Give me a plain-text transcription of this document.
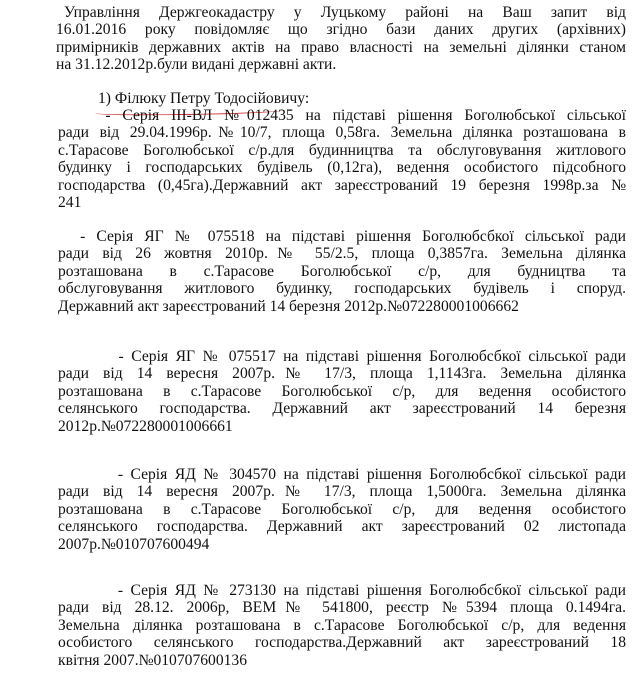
Управління Держгеокадастру у Луцькому районі на Ваш запит від
16.01.2016 року повідомляє що згідно бази даних других (архівних)
примірників державних актів на право власності на земельні ділянки станом
на 31.12.2012р.були видані державні акти.

1) Філюку Петру Тодосійовичу:

- Серія ІІІ-ВЛ №012435 на підставі рішення Боголюбської сільської
ради від 29.04.1996р.№10/7, площа 0,58га. Земельна ділянка розташована в
с.Тарасове Боголюбської с/р.для будинництва та обслуговування житлового
будинку і господарських будівель (0,12га), ведення особистого підсобного
господарства (0,45га).Державний акт зареєстрований 19 березня 1998р.за №
241

- Серія ЯГ № 075518 на підставі рішення Боголюбсбкої сільської ради
ради від 26 жовтня 2010р.№ 55/2.5, площа 0,3857га. Земельна ділянка
розташована в с.Тарасове Боголюбської с/р, для будництва та
обслуговування житлового будинку, господарських будівель і споруд.
Державний акт зареєстрований 14 березня 2012р.№072280001006662

- Серія ЯГ № 075517 на підставі рішення Боголюбсбкої сільської ради
ради від 14 вересня 2007р.№ 17/3, площа 1,1143га. Земельна ділянка
розташована в с.Тарасове Боголюбської с/р, для ведення особистого
селянського господарства. Державний акт зареєстрований 14 березня
2012р.№072280001006661

- Серія ЯД № 304570 на підставі рішення Боголюбсбкої сільської ради
ради від 14 вересня 2007р.№ 17/3, площа 1,5000га. Земельна ділянка
розташована в с.Тарасове Боголюбської с/р, для ведення особистого
селянського господарства. Державний акт зареєстрований 02 листопада
2007р.№010707600494

- Серія ЯД № 273130 на підставі рішення Боголюбсбкої сільської ради
ради від 28.12. 2006р, ВЕМ№ 541800, реєстр №5394 площа 0.1494га.
Земельна ділянка розташована в с.Тарасове Боголюбської с/р, для ведення
особистого селянського господарства.Державний акт зареєстрований 18
квітня 2007.№010707600136
